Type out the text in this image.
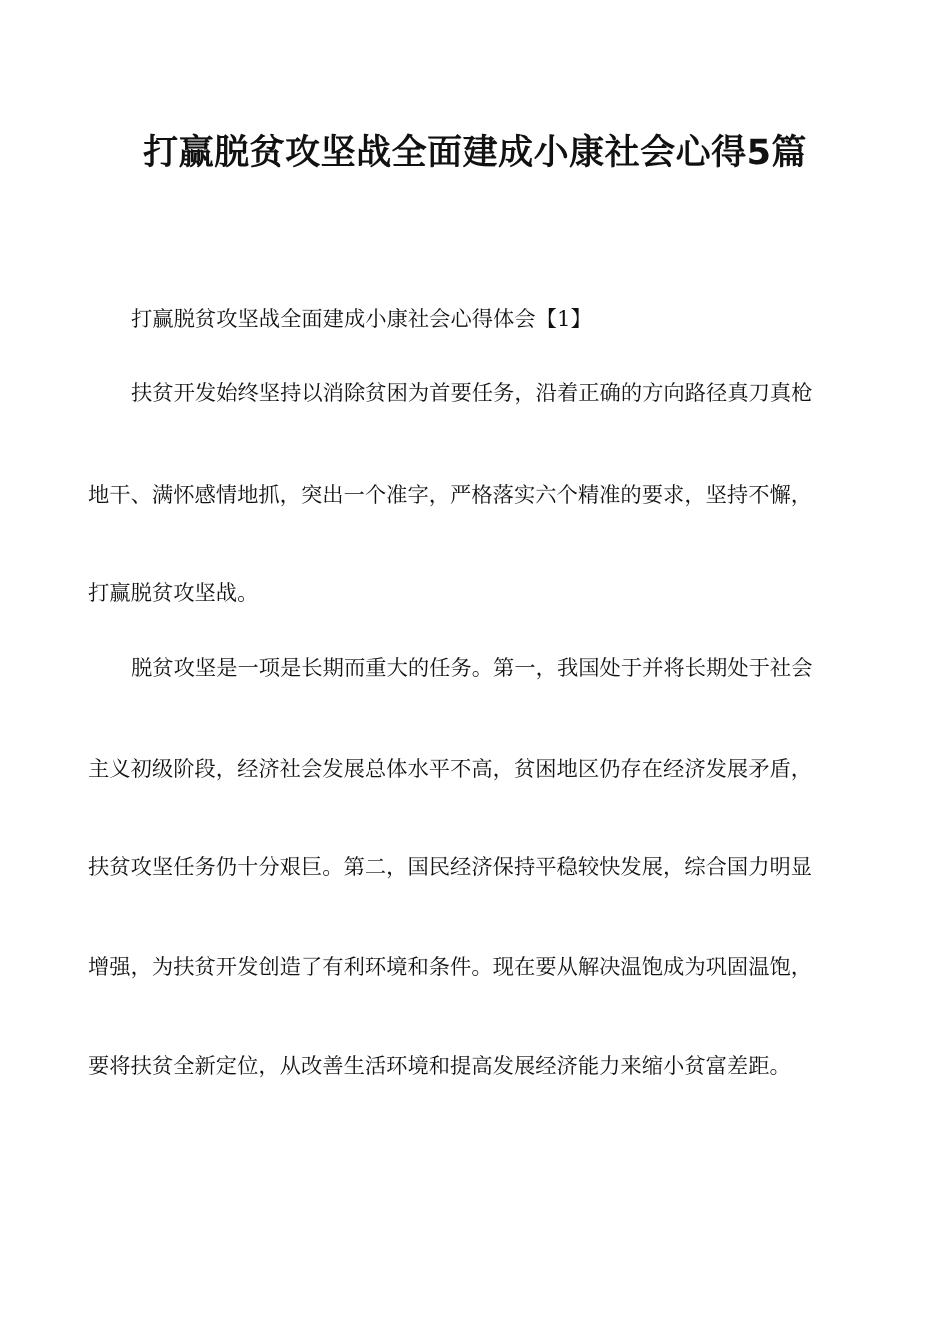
打赢脱贫攻坚战全面建成小康社会心得5篇

打赢脱贫攻坚战全面建成小康社会心得体会【1】

扶贫开发始终坚持以消除贫困为首要任务，沿着正确的方向路径真刀真枪

地干、满怀感情地抓，突出一个准字，严格落实六个精准的要求，坚持不懈，

打赢脱贫攻坚战。

脱贫攻坚是一项是长期而重大的任务。第一，我国处于并将长期处于社会

主义初级阶段，经济社会发展总体水平不高，贫困地区仍存在经济发展矛盾，

扶贫攻坚任务仍十分艰巨。第二，国民经济保持平稳较快发展，综合国力明显

增强，为扶贫开发创造了有利环境和条件。现在要从解决温饱成为巩固温饱，

要将扶贫全新定位，从改善生活环境和提高发展经济能力来缩小贫富差距。
